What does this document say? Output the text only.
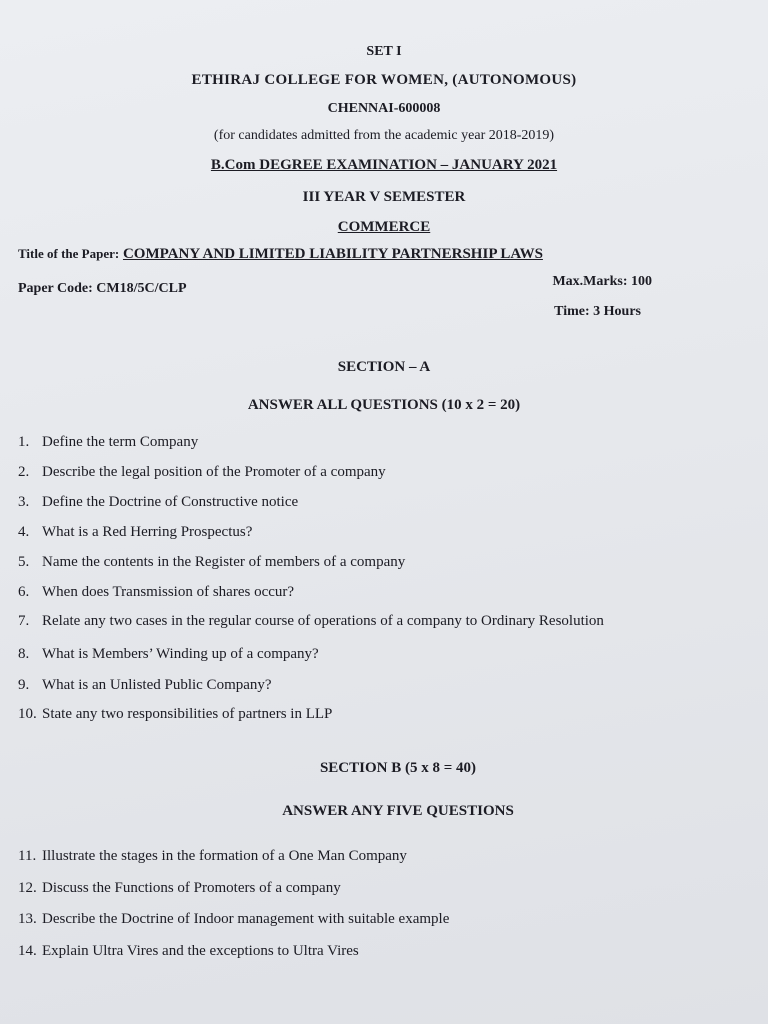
SET I
ETHIRAJ COLLEGE FOR WOMEN, (AUTONOMOUS)
CHENNAI-600008
(for candidates admitted from the academic year 2018-2019)
B.Com DEGREE EXAMINATION – JANUARY 2021
III YEAR V SEMESTER
COMMERCE
Title of the Paper: COMPANY AND LIMITED LIABILITY PARTNERSHIP LAWS
Paper Code: CM18/5C/CLP	Max.Marks: 100
Time: 3 Hours
SECTION – A
ANSWER ALL QUESTIONS (10 x 2 = 20)
1. Define the term Company
2. Describe the legal position of the Promoter of a company
3. Define the Doctrine of Constructive notice
4. What is a Red Herring Prospectus?
5. Name the contents in the Register of members of a company
6. When does Transmission of shares occur?
7. Relate any two cases in the regular course of operations of a company to Ordinary Resolution
8. What is Members’ Winding up of a company?
9. What is an Unlisted Public Company?
10. State any two responsibilities of partners in LLP
SECTION B (5 x 8 = 40)
ANSWER ANY FIVE QUESTIONS
11. Illustrate the stages in the formation of a One Man Company
12. Discuss the Functions of Promoters of a company
13. Describe the Doctrine of Indoor management with suitable example
14. Explain Ultra Vires and the exceptions to Ultra Vires
